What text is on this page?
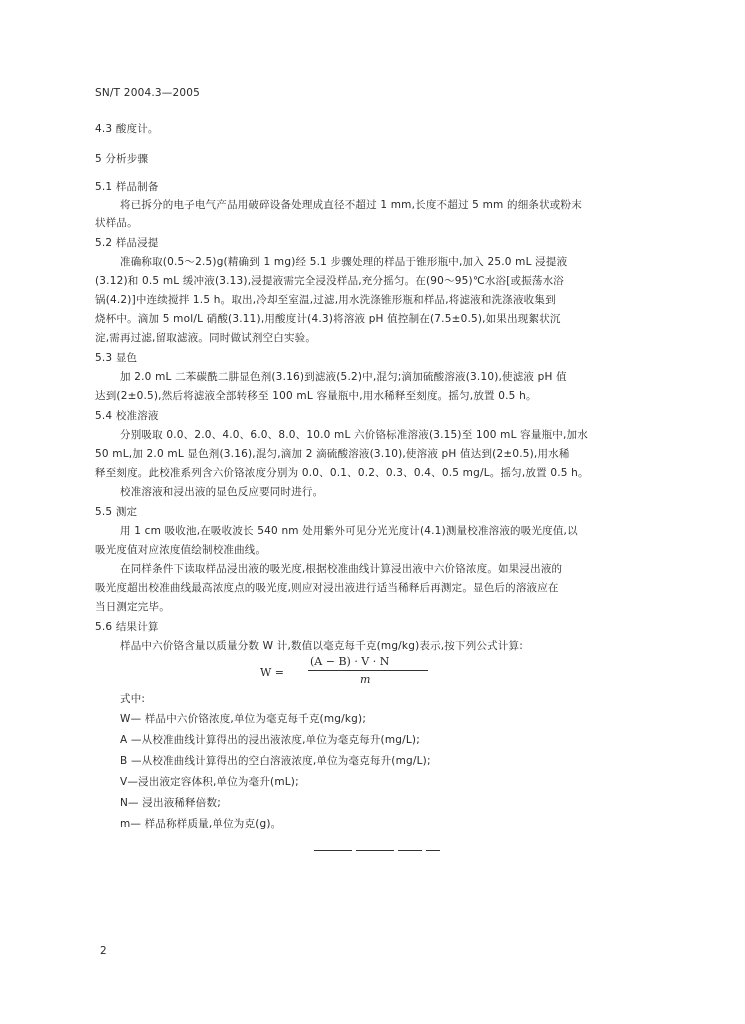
SN/T 2004.3—2005
4.3 酸度计。
5 分析步骤
5.1 样品制备
将已拆分的电子电气产品用破碎设备处理成直径不超过 1 mm,长度不超过 5 mm 的细条状或粉末
状样品。
5.2 样品浸提
准确称取(0.5～2.5)g(精确到 1 mg)经 5.1 步骤处理的样品于锥形瓶中,加入 25.0 mL 浸提液
(3.12)和 0.5 mL 缓冲液(3.13),浸提液需完全浸没样品,充分摇匀。在(90～95)℃水浴[或振荡水浴
锅(4.2)]中连续搅拌 1.5 h。取出,冷却至室温,过滤,用水洗涤锥形瓶和样品,将滤液和洗涤液收集到
烧杯中。滴加 5 mol/L 硝酸(3.11),用酸度计(4.3)将溶液 pH 值控制在(7.5±0.5),如果出现絮状沉
淀,需再过滤,留取滤液。同时做试剂空白实验。
5.3 显色
加 2.0 mL 二苯碳酰二肼显色剂(3.16)到滤液(5.2)中,混匀;滴加硫酸溶液(3.10),使滤液 pH 值
达到(2±0.5),然后将滤液全部转移至 100 mL 容量瓶中,用水稀释至刻度。摇匀,放置 0.5 h。
5.4 校准溶液
分别吸取 0.0、2.0、4.0、6.0、8.0、10.0 mL 六价铬标准溶液(3.15)至 100 mL 容量瓶中,加水
50 mL,加 2.0 mL 显色剂(3.16),混匀,滴加 2 滴硫酸溶液(3.10),使溶液 pH 值达到(2±0.5),用水稀
释至刻度。此校准系列含六价铬浓度分别为 0.0、0.1、0.2、0.3、0.4、0.5 mg/L。摇匀,放置 0.5 h。
校准溶液和浸出液的显色反应要同时进行。
5.5 测定
用 1 cm 吸收池,在吸收波长 540 nm 处用紫外可见分光光度计(4.1)测量校准溶液的吸光度值,以
吸光度值对应浓度值绘制校准曲线。
在同样条件下读取样品浸出液的吸光度,根据校准曲线计算浸出液中六价铬浓度。如果浸出液的
吸光度超出校准曲线最高浓度点的吸光度,则应对浸出液进行适当稀释后再测定。显色后的溶液应在
当日测定完毕。
5.6 结果计算
样品中六价铬含量以质量分数 W 计,数值以毫克每千克(mg/kg)表示,按下列公式计算:
W =
(A − B) · V · N
m
式中:
W— 样品中六价铬浓度,单位为毫克每千克(mg/kg);
A —从校准曲线计算得出的浸出液浓度,单位为毫克每升(mg/L);
B —从校准曲线计算得出的空白溶液浓度,单位为毫克每升(mg/L);
V—浸出液定容体积,单位为毫升(mL);
N— 浸出液稀释倍数;
m— 样品称样质量,单位为克(g)。
2
